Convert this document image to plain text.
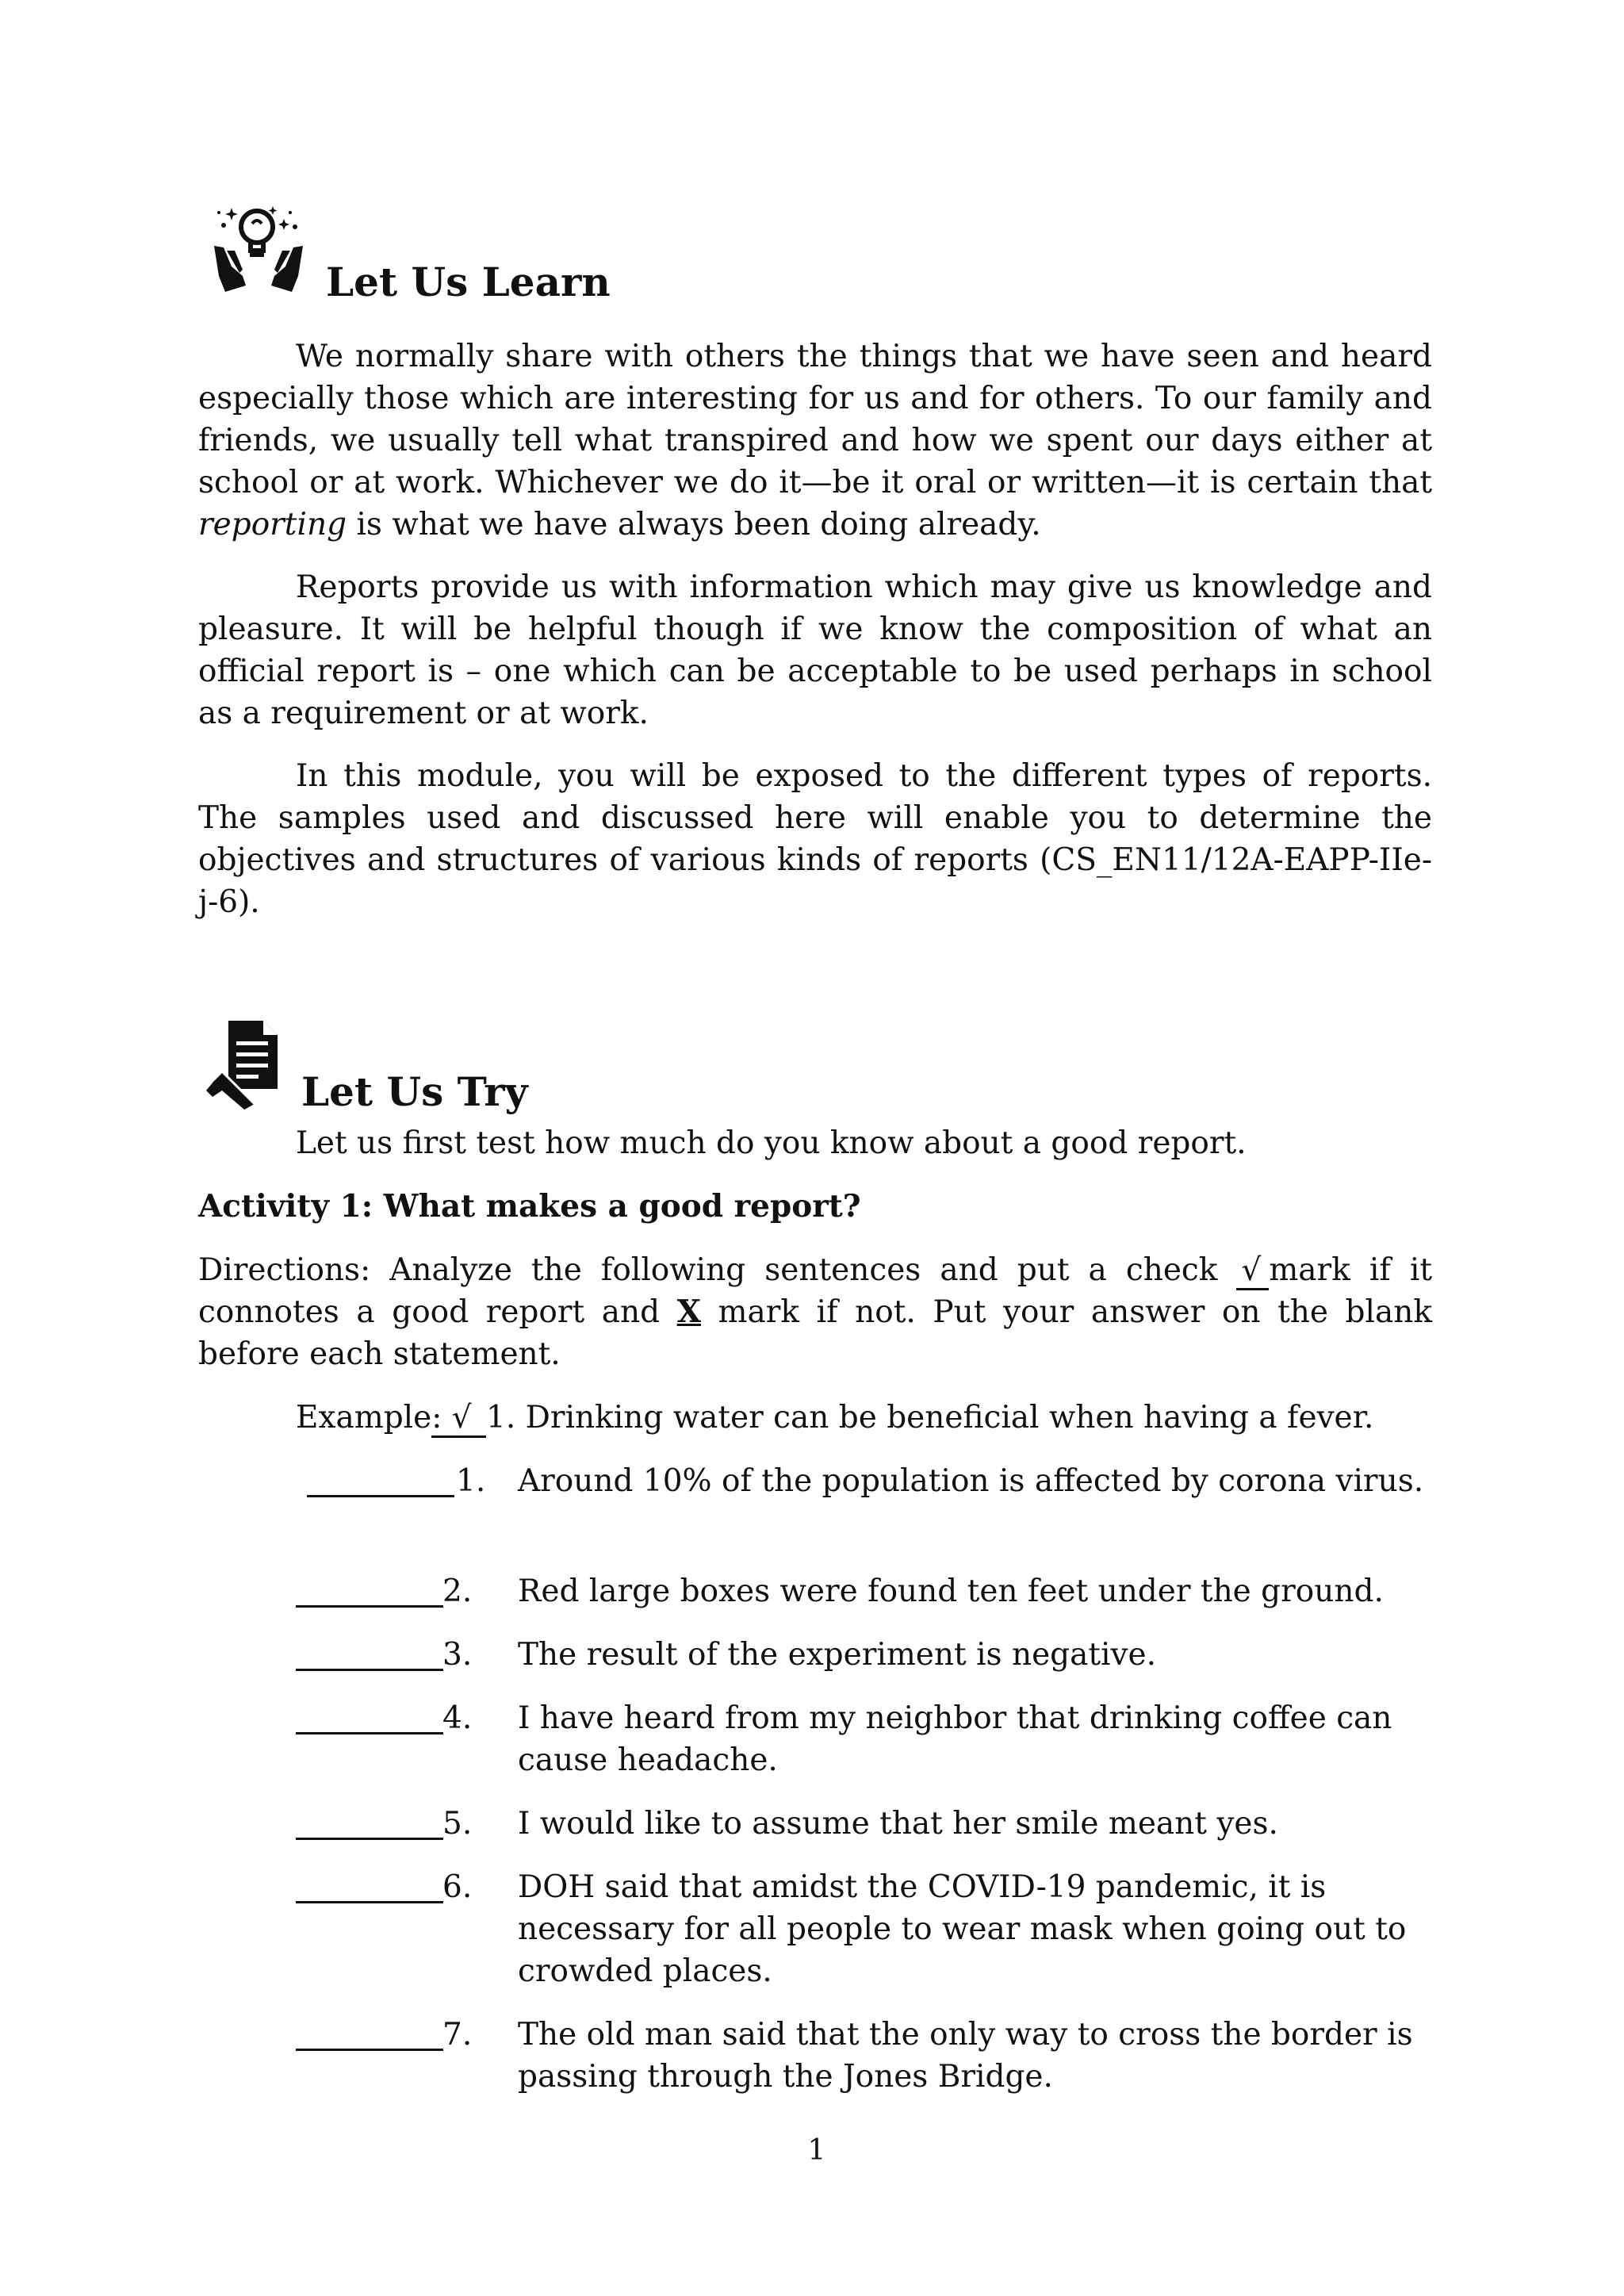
Let Us Learn

We normally share with others the things that we have seen and heard especially those which are interesting for us and for others. To our family and friends, we usually tell what transpired and how we spent our days either at school or at work. Whichever we do it—be it oral or written—it is certain that reporting is what we have always been doing already.

Reports provide us with information which may give us knowledge and pleasure. It will be helpful though if we know the composition of what an official report is – one which can be acceptable to be used perhaps in school as a requirement or at work.

In this module, you will be exposed to the different types of reports. The samples used and discussed here will enable you to determine the objectives and structures of various kinds of reports (CS_EN11/12A-EAPP-IIe-j-6).

Let Us Try

Let us first test how much do you know about a good report.

Activity 1: What makes a good report?

Directions: Analyze the following sentences and put a check √ mark if it connotes a good report and X mark if not. Put your answer on the blank before each statement.

Example: √ 1. Drinking water can be beneficial when having a fever.
1.	Around 10% of the population is affected by corona virus.
2.	Red large boxes were found ten feet under the ground.
3.	The result of the experiment is negative.
4.	I have heard from my neighbor that drinking coffee can cause headache.
5.	I would like to assume that her smile meant yes.
6.	DOH said that amidst the COVID-19 pandemic, it is necessary for all people to wear mask when going out to crowded places.
7.	The old man said that the only way to cross the border is passing through the Jones Bridge.
1
